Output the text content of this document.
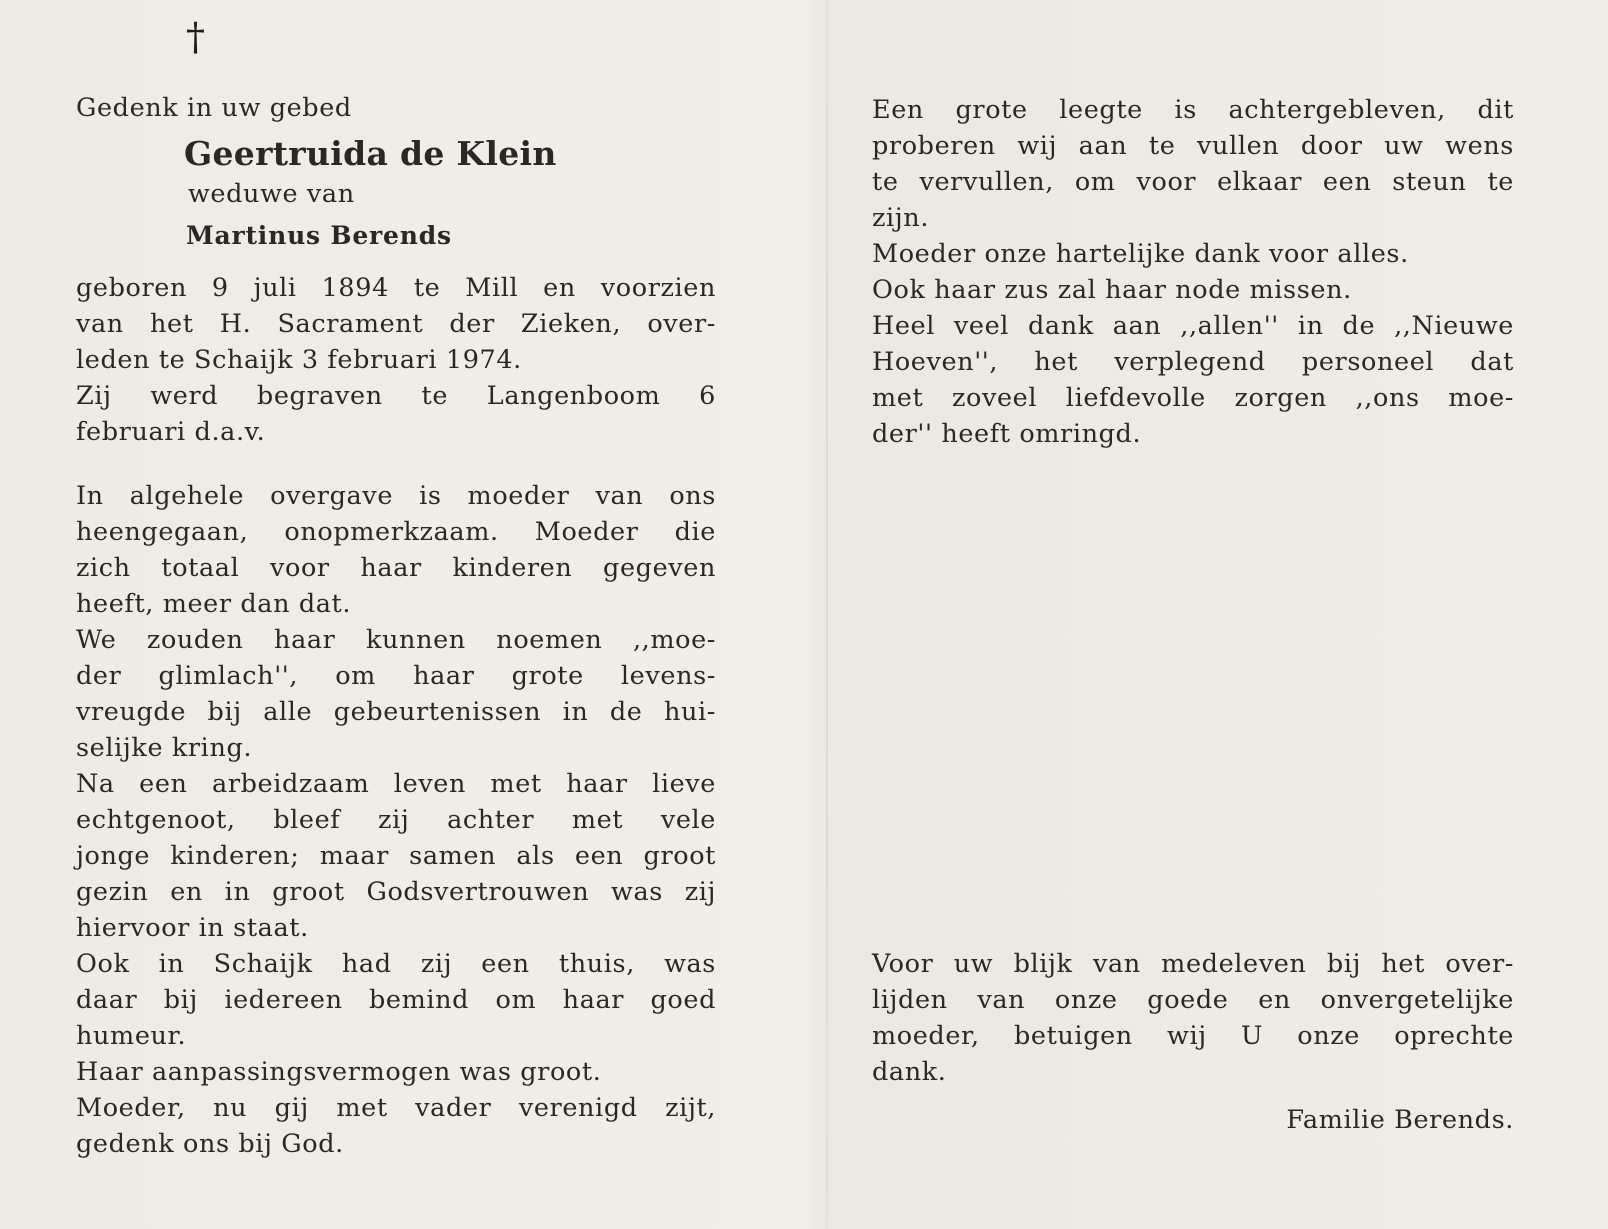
†
Gedenk in uw gebed
Geertruida de Klein
weduwe van
Martinus Berends
geboren 9 juli 1894 te Mill en voorzien
van het H. Sacrament der Zieken, over-
leden te Schaijk 3 februari 1974.
Zij werd begraven te Langenboom 6
februari d.a.v.
In algehele overgave is moeder van ons
heengegaan, onopmerkzaam. Moeder die
zich totaal voor haar kinderen gegeven
heeft, meer dan dat.
We zouden haar kunnen noemen ,,moe-
der glimlach'', om haar grote levens-
vreugde bij alle gebeurtenissen in de hui-
selijke kring.
Na een arbeidzaam leven met haar lieve
echtgenoot, bleef zij achter met vele
jonge kinderen; maar samen als een groot
gezin en in groot Godsvertrouwen was zij
hiervoor in staat.
Ook in Schaijk had zij een thuis, was
daar bij iedereen bemind om haar goed
humeur.
Haar aanpassingsvermogen was groot.
Moeder, nu gij met vader verenigd zijt,
gedenk ons bij God.
Een grote leegte is achtergebleven, dit
proberen wij aan te vullen door uw wens
te vervullen, om voor elkaar een steun te
zijn.
Moeder onze hartelijke dank voor alles.
Ook haar zus zal haar node missen.
Heel veel dank aan ,,allen'' in de ,,Nieuwe
Hoeven'', het verplegend personeel dat
met zoveel liefdevolle zorgen ,,ons moe-
der'' heeft omringd.
Voor uw blijk van medeleven bij het over-
lijden van onze goede en onvergetelijke
moeder, betuigen wij U onze oprechte
dank.
Familie Berends.
